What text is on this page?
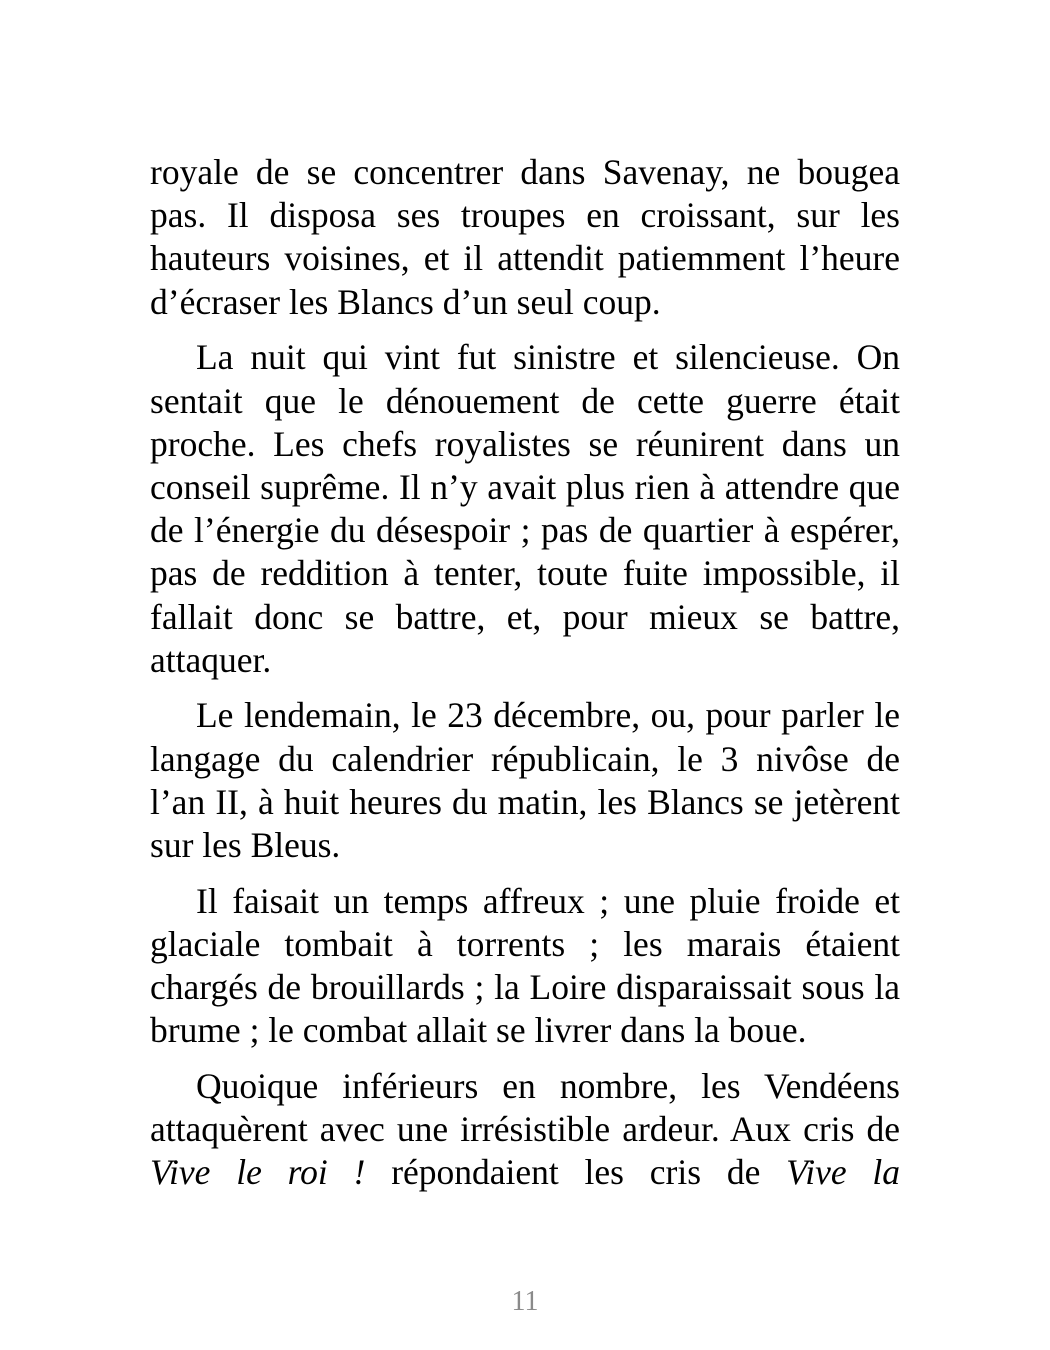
royale de se concentrer dans Savenay, ne bougea pas. Il disposa ses troupes en croissant, sur les hauteurs voisines, et il attendit patiemment l’heure d’écraser les Blancs d’un seul coup.

La nuit qui vint fut sinistre et silencieuse. On sentait que le dénouement de cette guerre était proche. Les chefs royalistes se réunirent dans un conseil suprême. Il n’y avait plus rien à attendre que de l’énergie du désespoir ; pas de quartier à espérer, pas de reddition à tenter, toute fuite impossible, il fallait donc se battre, et, pour mieux se battre, attaquer.

Le lendemain, le 23 décembre, ou, pour parler le langage du calendrier républicain, le 3 nivôse de l’an II, à huit heures du matin, les Blancs se jetèrent sur les Bleus.

Il faisait un temps affreux ; une pluie froide et glaciale tombait à torrents ; les marais étaient chargés de brouillards ; la Loire disparaissait sous la brume ; le combat allait se livrer dans la boue.

Quoique inférieurs en nombre, les Vendéens attaquèrent avec une irrésistible ardeur. Aux cris de Vive le roi ! répondaient les cris de Vive la

11
